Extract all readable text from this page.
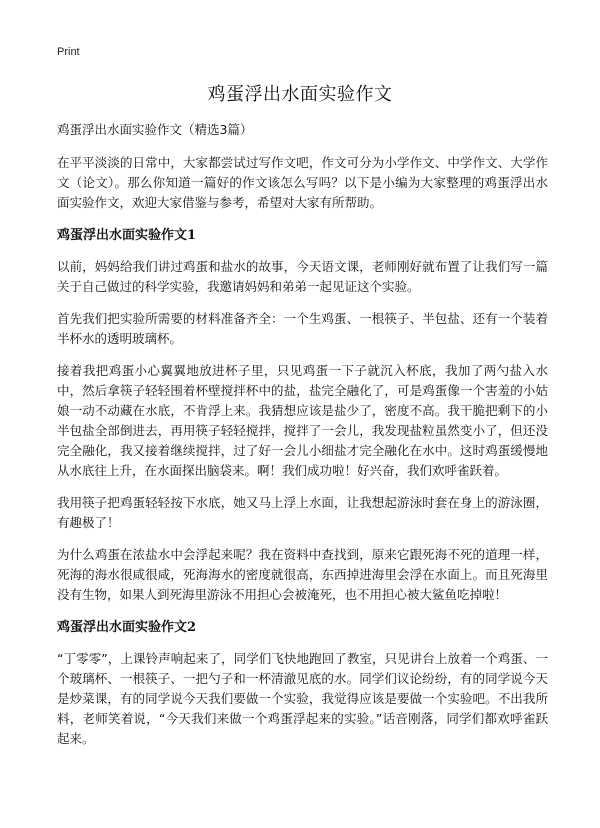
Print
鸡蛋浮出水面实验作文
鸡蛋浮出水面实验作文（精选3篇）

在平平淡淡的日常中，大家都尝试过写作文吧，作文可分为小学作文、中学作文、大学作文（论文）。那么你知道一篇好的作文该怎么写吗？以下是小编为大家整理的鸡蛋浮出水面实验作文，欢迎大家借鉴与参考，希望对大家有所帮助。

鸡蛋浮出水面实验作文1

以前，妈妈给我们讲过鸡蛋和盐水的故事，今天语文课，老师刚好就布置了让我们写一篇关于自己做过的科学实验，我邀请妈妈和弟弟一起见证这个实验。

首先我们把实验所需要的材料准备齐全：一个生鸡蛋、一根筷子、半包盐、还有一个装着半杯水的透明玻璃杯。

接着我把鸡蛋小心翼翼地放进杯子里，只见鸡蛋一下子就沉入杯底，我加了两勺盐入水中，然后拿筷子轻轻围着杯壁搅拌杯中的盐，盐完全融化了，可是鸡蛋像一个害羞的小姑娘一动不动藏在水底，不肯浮上来。我猜想应该是盐少了，密度不高。我干脆把剩下的小半包盐全部倒进去，再用筷子轻轻搅拌，搅拌了一会儿，我发现盐粒虽然变小了，但还没完全融化，我又接着继续搅拌，过了好一会儿小细盐才完全融化在水中。这时鸡蛋缓慢地从水底往上升，在水面探出脑袋来。啊！我们成功啦！好兴奋，我们欢呼雀跃着。

我用筷子把鸡蛋轻轻按下水底，她又马上浮上水面，让我想起游泳时套在身上的游泳圈，有趣极了！

为什么鸡蛋在浓盐水中会浮起来呢？我在资料中查找到，原来它跟死海不死的道理一样，死海的海水很咸很咸，死海海水的密度就很高，东西掉进海里会浮在水面上。而且死海里没有生物，如果人到死海里游泳不用担心会被淹死，也不用担心被大鲨鱼吃掉啦！

鸡蛋浮出水面实验作文2

“丁零零”，上课铃声响起来了，同学们飞快地跑回了教室，只见讲台上放着一个鸡蛋、一个玻璃杯、一根筷子、一把勺子和一杯清澈见底的水。同学们议论纷纷，有的同学说今天是炒菜课，有的同学说今天我们要做一个实验，我觉得应该是要做一个实验吧。不出我所料，老师笑着说，“今天我们来做一个鸡蛋浮起来的实验。”话音刚落，同学们都欢呼雀跃起来。
